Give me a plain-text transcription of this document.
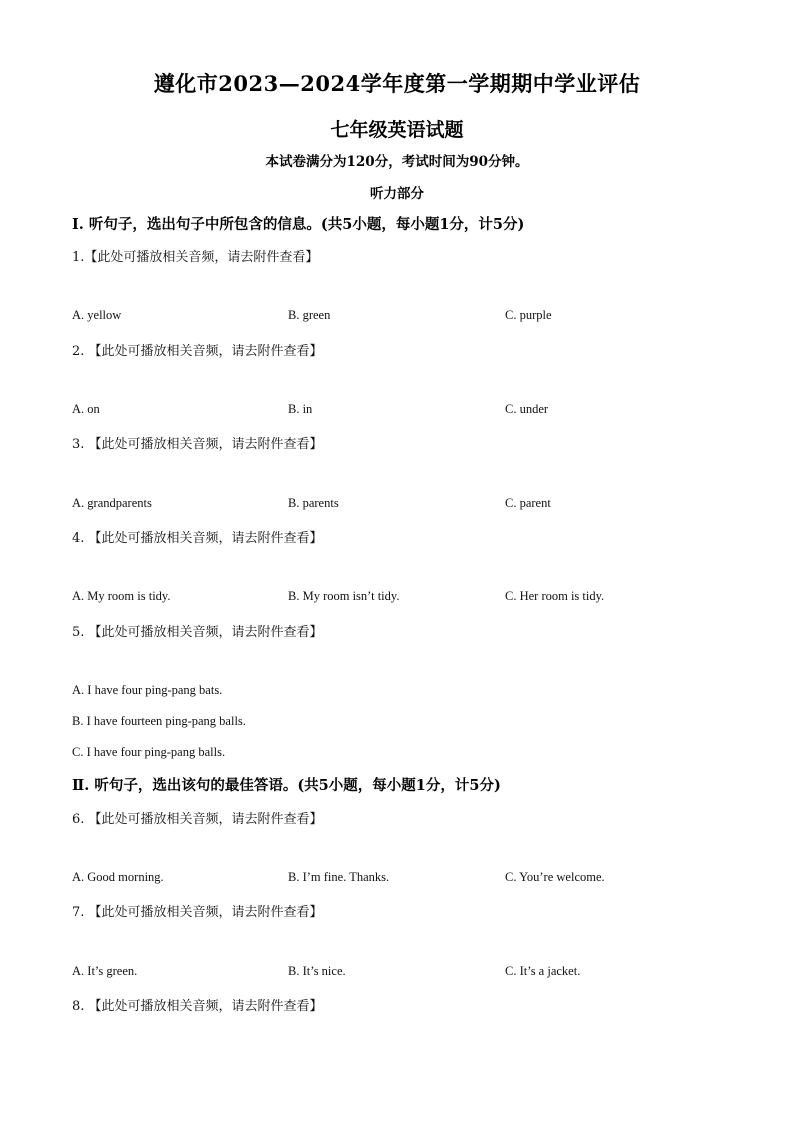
遵化市2023—2024学年度第一学期期中学业评估
七年级英语试题
本试卷满分为120分，考试时间为90分钟。
听力部分
Ⅰ. 听句子，选出句子中所包含的信息。(共5小题，每小题1分，计5分)
1.【此处可播放相关音频，请去附件查看】
A. yellow	B. green	C. purple
2. 【此处可播放相关音频，请去附件查看】
A. on	B. in	C. under
3. 【此处可播放相关音频，请去附件查看】
A. grandparents	B. parents	C. parent
4. 【此处可播放相关音频，请去附件查看】
A. My room is tidy.	B. My room isn’t tidy.	C. Her room is tidy.
5. 【此处可播放相关音频，请去附件查看】
A. I have four ping-pang bats.
B. I have fourteen ping-pang balls.
C. I have four ping-pang balls.
Ⅱ. 听句子，选出该句的最佳答语。(共5小题，每小题1分，计5分)
6. 【此处可播放相关音频，请去附件查看】
A. Good morning.	B. I’m fine. Thanks.	C. You’re welcome.
7. 【此处可播放相关音频，请去附件查看】
A. It’s green.	B. It’s nice.	C. It’s a jacket.
8. 【此处可播放相关音频，请去附件查看】
